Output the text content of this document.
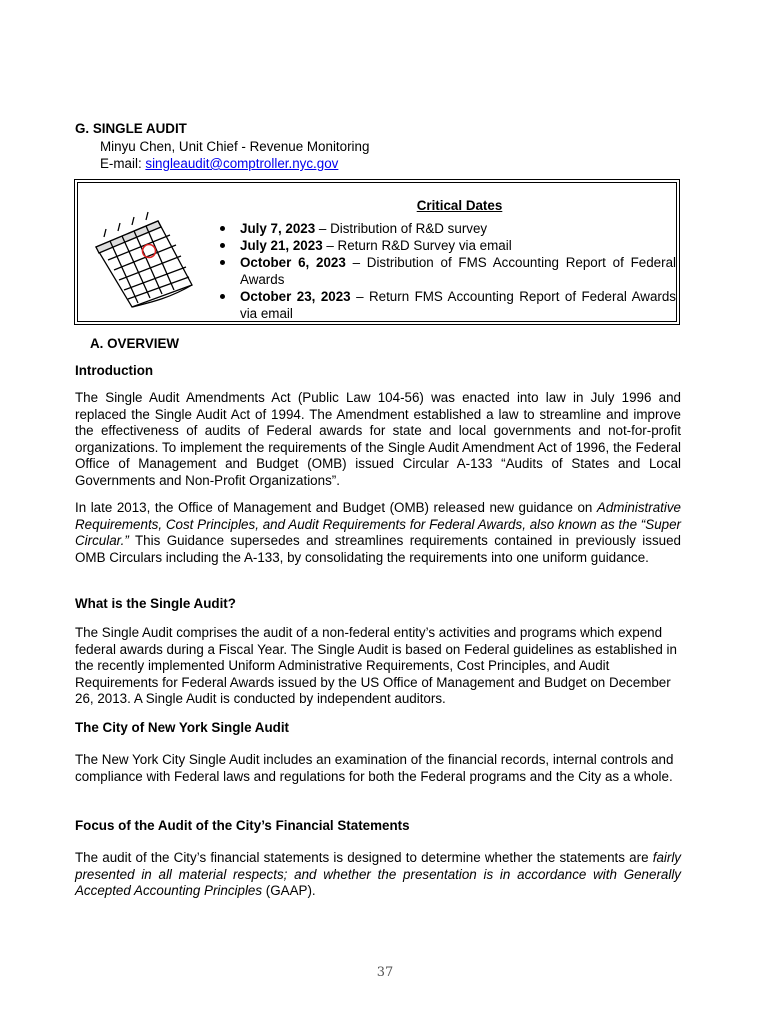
G. SINGLE AUDIT
Minyu Chen, Unit Chief - Revenue Monitoring
E-mail: singleaudit@comptroller.nyc.gov
Critical Dates
July 7, 2023 – Distribution of R&D survey
July 21, 2023 – Return R&D Survey via email
October 6, 2023 – Distribution of FMS Accounting Report of Federal Awards
October 23, 2023 – Return FMS Accounting Report of Federal Awards via email
A. OVERVIEW
Introduction
The Single Audit Amendments Act (Public Law 104-56) was enacted into law in July 1996 and replaced the Single Audit Act of 1994. The Amendment established a law to streamline and improve the effectiveness of audits of Federal awards for state and local governments and not-for-profit organizations. To implement the requirements of the Single Audit Amendment Act of 1996, the Federal Office of Management and Budget (OMB) issued Circular A-133 “Audits of States and Local Governments and Non-Profit Organizations”.
In late 2013, the Office of Management and Budget (OMB) released new guidance on Administrative Requirements, Cost Principles, and Audit Requirements for Federal Awards, also known as the “Super Circular.” This Guidance supersedes and streamlines requirements contained in previously issued OMB Circulars including the A-133, by consolidating the requirements into one uniform guidance.
What is the Single Audit?
The Single Audit comprises the audit of a non-federal entity’s activities and programs which expend federal awards during a Fiscal Year. The Single Audit is based on Federal guidelines as established in the recently implemented Uniform Administrative Requirements, Cost Principles, and Audit Requirements for Federal Awards issued by the US Office of Management and Budget on December 26, 2013. A Single Audit is conducted by independent auditors.
The City of New York Single Audit
The New York City Single Audit includes an examination of the financial records, internal controls and compliance with Federal laws and regulations for both the Federal programs and the City as a whole.
Focus of the Audit of the City’s Financial Statements
The audit of the City’s financial statements is designed to determine whether the statements are fairly presented in all material respects; and whether the presentation is in accordance with Generally Accepted Accounting Principles (GAAP).
37
